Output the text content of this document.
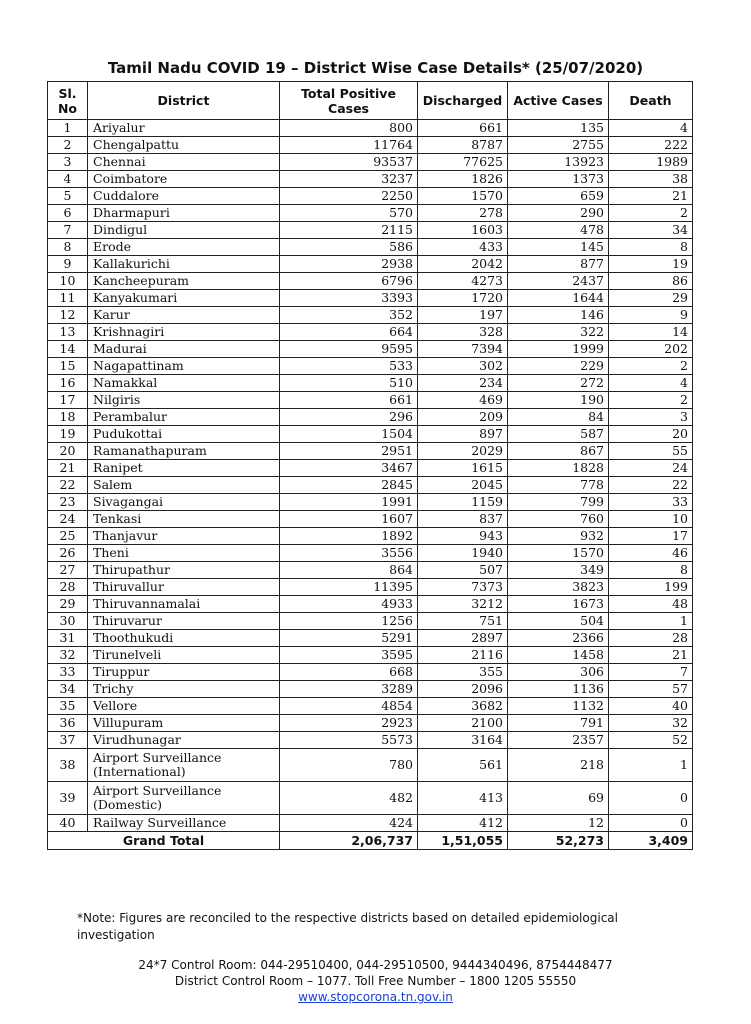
Tamil Nadu COVID 19 – District Wise Case Details* (25/07/2020)
Sl. No	District	Total Positive Cases	Discharged	Active Cases	Death
1	Ariyalur	800	661	135	4
2	Chengalpattu	11764	8787	2755	222
3	Chennai	93537	77625	13923	1989
4	Coimbatore	3237	1826	1373	38
5	Cuddalore	2250	1570	659	21
6	Dharmapuri	570	278	290	2
7	Dindigul	2115	1603	478	34
8	Erode	586	433	145	8
9	Kallakurichi	2938	2042	877	19
10	Kancheepuram	6796	4273	2437	86
11	Kanyakumari	3393	1720	1644	29
12	Karur	352	197	146	9
13	Krishnagiri	664	328	322	14
14	Madurai	9595	7394	1999	202
15	Nagapattinam	533	302	229	2
16	Namakkal	510	234	272	4
17	Nilgiris	661	469	190	2
18	Perambalur	296	209	84	3
19	Pudukottai	1504	897	587	20
20	Ramanathapuram	2951	2029	867	55
21	Ranipet	3467	1615	1828	24
22	Salem	2845	2045	778	22
23	Sivagangai	1991	1159	799	33
24	Tenkasi	1607	837	760	10
25	Thanjavur	1892	943	932	17
26	Theni	3556	1940	1570	46
27	Thirupathur	864	507	349	8
28	Thiruvallur	11395	7373	3823	199
29	Thiruvannamalai	4933	3212	1673	48
30	Thiruvarur	1256	751	504	1
31	Thoothukudi	5291	2897	2366	28
32	Tirunelveli	3595	2116	1458	21
33	Tiruppur	668	355	306	7
34	Trichy	3289	2096	1136	57
35	Vellore	4854	3682	1132	40
36	Villupuram	2923	2100	791	32
37	Virudhunagar	5573	3164	2357	52
38	Airport Surveillance (International)	780	561	218	1
39	Airport Surveillance (Domestic)	482	413	69	0
40	Railway Surveillance	424	412	12	0
Grand Total		2,06,737	1,51,055	52,273	3,409
*Note: Figures are reconciled to the respective districts based on detailed epidemiological investigation
24*7 Control Room: 044-29510400, 044-29510500, 9444340496, 8754448477
District Control Room – 1077. Toll Free Number – 1800 1205 55550
www.stopcorona.tn.gov.in
